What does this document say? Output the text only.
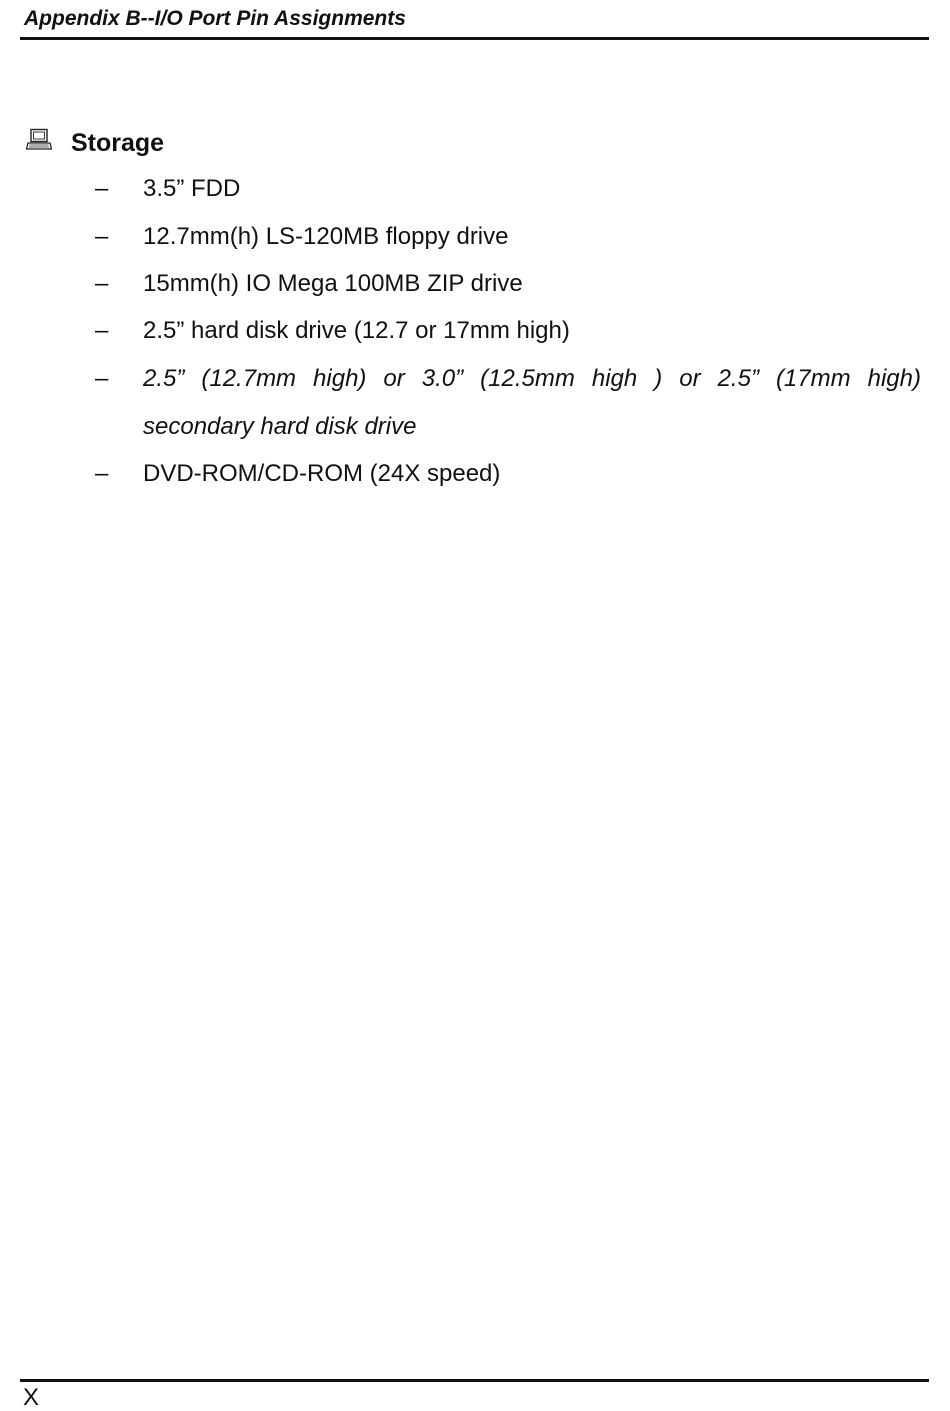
Appendix B--I/O Port Pin Assignments
Storage
– 3.5” FDD
– 12.7mm(h) LS-120MB floppy drive
– 15mm(h) IO Mega 100MB ZIP drive
– 2.5” hard disk drive (12.7 or 17mm high)
– 2.5” (12.7mm high) or 3.0” (12.5mm high ) or 2.5” (17mm high)
secondary hard disk drive
– DVD-ROM/CD-ROM (24X speed)
X
